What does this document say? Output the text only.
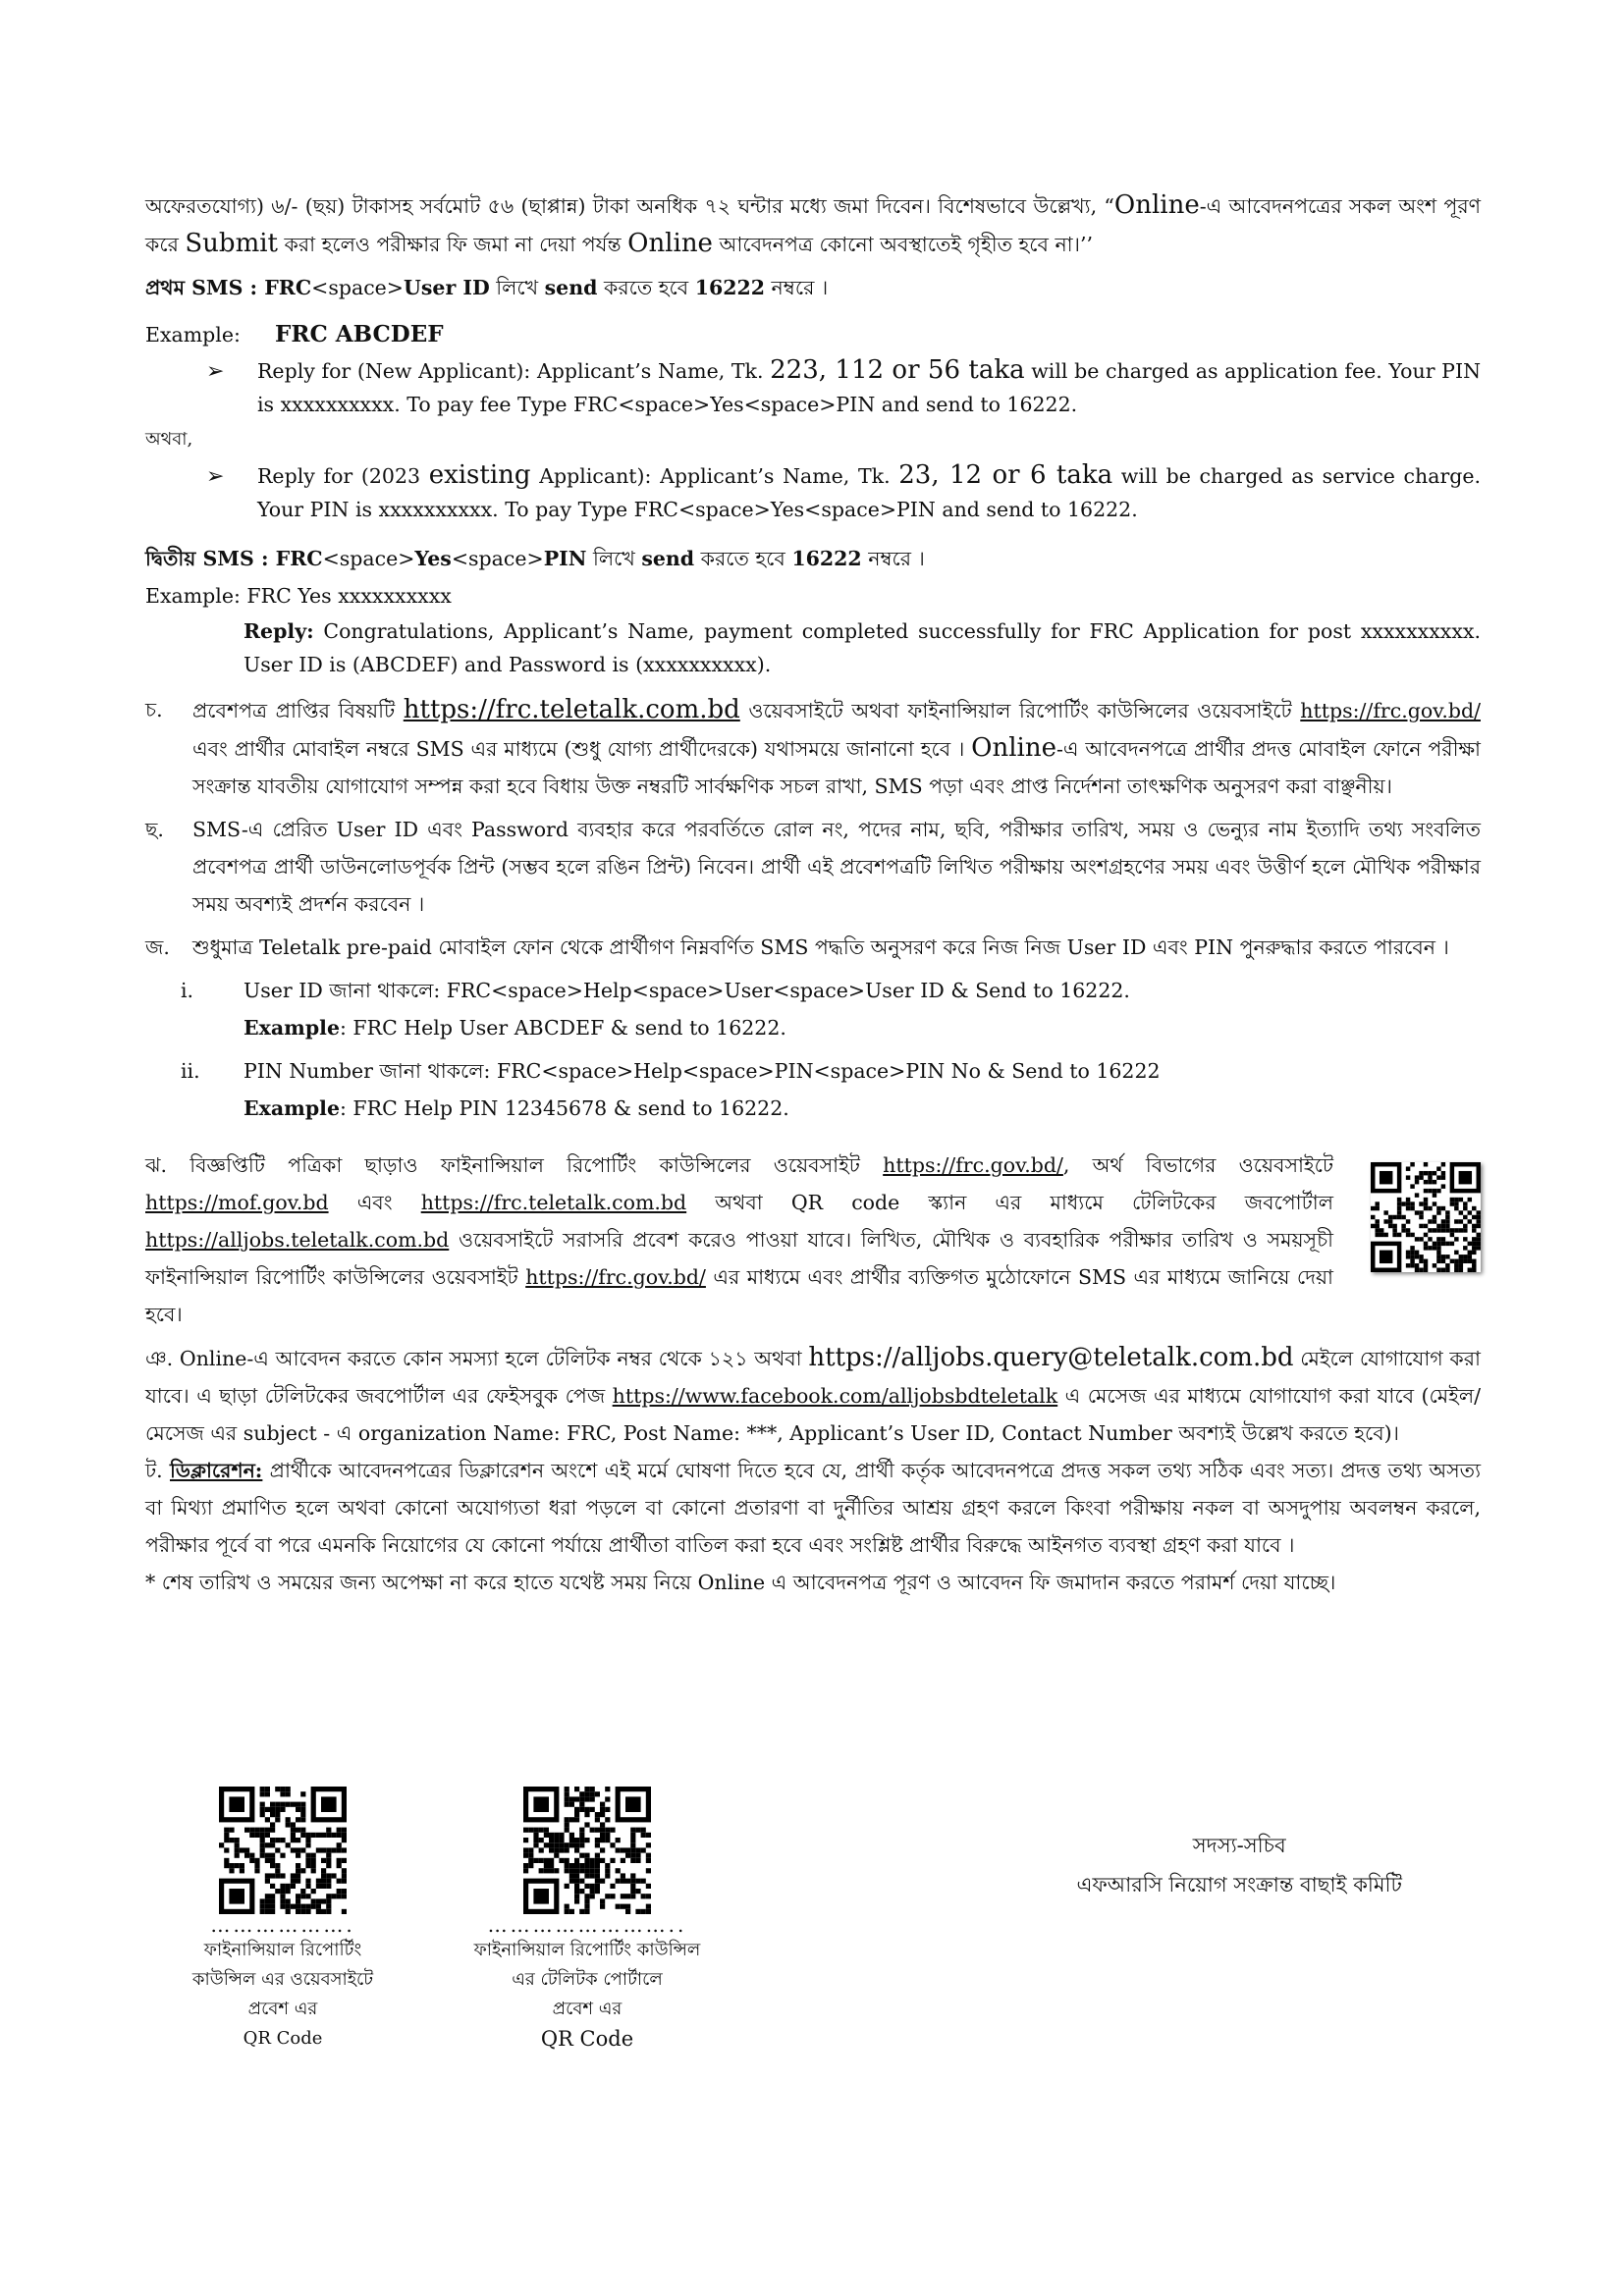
অফেরতযোগ্য) ৬/- (ছয়) টাকাসহ সর্বমোট ৫৬ (ছাপ্পান্ন) টাকা অনধিক ৭২ ঘন্টার মধ্যে জমা দিবেন। বিশেষভাবে উল্লেখ্য, “Online-এ আবেদনপত্রের সকল অংশ পূরণ করে Submit করা হলেও পরীক্ষার ফি জমা না দেয়া পর্যন্ত Online আবেদনপত্র কোনো অবস্থাতেই গৃহীত হবে না।’’

প্রথম SMS : FRC<space>User ID লিখে send করতে হবে 16222 নম্বরে ।

Example:	FRC ABCDEF
➢	Reply for (New Applicant): Applicant’s Name, Tk. 223, 112 or 56 taka will be charged as application fee. Your PIN is xxxxxxxxxx. To pay fee Type FRC<space>Yes<space>PIN and send to 16222.

অথবা,

➢	Reply for (2023 existing Applicant): Applicant’s Name, Tk. 23, 12 or 6 taka will be charged as service charge. Your PIN is xxxxxxxxxx. To pay Type FRC<space>Yes<space>PIN and send to 16222.

দ্বিতীয় SMS : FRC<space>Yes<space>PIN লিখে send করতে হবে 16222 নম্বরে ।

Example: FRC Yes xxxxxxxxxx

Reply: Congratulations, Applicant’s Name, payment completed successfully for FRC Application for post xxxxxxxxxx. User ID is (ABCDEF) and Password is (xxxxxxxxxx).

চ.	প্রবেশপত্র প্রাপ্তির বিষয়টি https://frc.teletalk.com.bd ওয়েবসাইটে অথবা ফাইনান্সিয়াল রিপোর্টিং কাউন্সিলের ওয়েবসাইটে https://frc.gov.bd/ এবং প্রার্থীর মোবাইল নম্বরে SMS এর মাধ্যমে (শুধু যোগ্য প্রার্থীদেরকে) যথাসময়ে জানানো হবে । Online-এ আবেদনপত্রে প্রার্থীর প্রদত্ত মোবাইল ফোনে পরীক্ষা সংক্রান্ত যাবতীয় যোগাযোগ সম্পন্ন করা হবে বিধায় উক্ত নম্বরটি সার্বক্ষণিক সচল রাখা, SMS পড়া এবং প্রাপ্ত নির্দেশনা তাৎক্ষণিক অনুসরণ করা বাঞ্ছনীয়।

ছ.	SMS-এ প্রেরিত User ID এবং Password ব্যবহার করে পরবর্তিতে রোল নং, পদের নাম, ছবি, পরীক্ষার তারিখ, সময় ও ভেন্যুর নাম ইত্যাদি তথ্য সংবলিত প্রবেশপত্র প্রার্থী ডাউনলোডপূর্বক প্রিন্ট (সম্ভব হলে রঙিন প্রিন্ট) নিবেন। প্রার্থী এই প্রবেশপত্রটি লিখিত পরীক্ষায় অংশগ্রহণের সময় এবং উত্তীর্ণ হলে মৌখিক পরীক্ষার সময় অবশ্যই প্রদর্শন করবেন ।

জ. শুধুমাত্র Teletalk pre-paid মোবাইল ফোন থেকে প্রার্থীগণ নিম্নবর্ণিত SMS পদ্ধতি অনুসরণ করে নিজ নিজ User ID এবং PIN পুনরুদ্ধার করতে পারবেন ।

i.	User ID জানা থাকলে: FRC<space>Help<space>User<space>User ID & Send to 16222.

Example: FRC Help User ABCDEF & send to 16222.

ii.	PIN Number জানা থাকলে: FRC<space>Help<space>PIN<space>PIN No & Send to 16222

Example: FRC Help PIN 12345678 & send to 16222.

ঝ. বিজ্ঞপ্তিটি পত্রিকা ছাড়াও ফাইনান্সিয়াল রিপোর্টিং কাউন্সিলের ওয়েবসাইট https://frc.gov.bd/, অর্থ বিভাগের ওয়েবসাইটে https://mof.gov.bd এবং https://frc.teletalk.com.bd অথবা QR code স্ক্যান এর মাধ্যমে টেলিটকের জবপোর্টাল https://alljobs.teletalk.com.bd ওয়েবসাইটে সরাসরি প্রবেশ করেও পাওয়া যাবে। লিখিত, মৌখিক ও ব্যবহারিক পরীক্ষার তারিখ ও সময়সূচী ফাইনান্সিয়াল রিপোর্টিং কাউন্সিলের ওয়েবসাইট https://frc.gov.bd/ এর মাধ্যমে এবং প্রার্থীর ব্যক্তিগত মুঠোফোনে SMS এর মাধ্যমে জানিয়ে দেয়া হবে।

ঞ. Online-এ আবেদন করতে কোন সমস্যা হলে টেলিটক নম্বর থেকে ১২১ অথবা https://alljobs.query@teletalk.com.bd মেইলে যোগাযোগ করা যাবে। এ ছাড়া টেলিটকের জবপোর্টাল এর ফেইসবুক পেজ https://www.facebook.com/alljobsbdteletalk এ মেসেজ এর মাধ্যমে যোগাযোগ করা যাবে (মেইল/মেসেজ এর subject - এ organization Name: FRC, Post Name: ***, Applicant’s User ID, Contact Number অবশ্যই উল্লেখ করতে হবে)।

ট. ডিক্লারেশন: প্রার্থীকে আবেদনপত্রের ডিক্লারেশন অংশে এই মর্মে ঘোষণা দিতে হবে যে, প্রার্থী কর্তৃক আবেদনপত্রে প্রদত্ত সকল তথ্য সঠিক এবং সত্য। প্রদত্ত তথ্য অসত্য বা মিথ্যা প্রমাণিত হলে অথবা কোনো অযোগ্যতা ধরা পড়লে বা কোনো প্রতারণা বা দুর্নীতির আশ্রয় গ্রহণ করলে কিংবা পরীক্ষায় নকল বা অসদুপায় অবলম্বন করলে, পরীক্ষার পূর্বে বা পরে এমনকি নিয়োগের যে কোনো পর্যায়ে প্রার্থীতা বাতিল করা হবে এবং সংশ্লিষ্ট প্রার্থীর বিরুদ্ধে আইনগত ব্যবস্থা গ্রহণ করা যাবে ।

* শেষ তারিখ ও সময়ের জন্য অপেক্ষা না করে হাতে যথেষ্ট সময় নিয়ে Online এ আবেদনপত্র পূরণ ও আবেদন ফি জমাদান করতে পরামর্শ দেয়া যাচ্ছে।

……………….
ফাইনান্সিয়াল রিপোর্টিং
কাউন্সিল এর ওয়েবসাইটে
প্রবেশ এর
QR Code
……………………..
ফাইনান্সিয়াল রিপোর্টিং কাউন্সিল
এর টেলিটক পোর্টালে
প্রবেশ এর
QR Code
সদস্য-সচিব
এফআরসি নিয়োগ সংক্রান্ত বাছাই কমিটি
